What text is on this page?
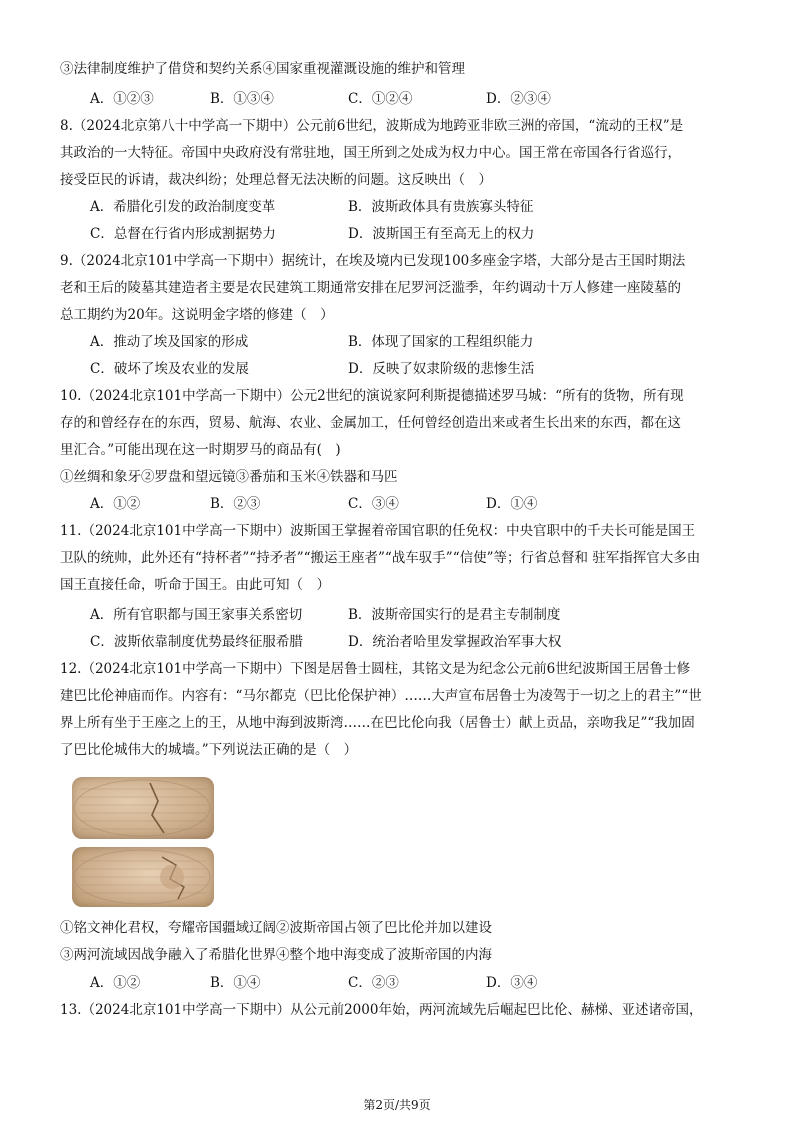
③法律制度维护了借贷和契约关系④国家重视灌溉设施的维护和管理
A．①②③	B．①③④	C．①②④	D．②③④
8.（2024北京第八十中学高一下期中）公元前6世纪，波斯成为地跨亚非欧三洲的帝国，“流动的王权”是
其政治的一大特征。帝国中央政府没有常驻地，国王所到之处成为权力中心。国王常在帝国各行省巡行，
接受臣民的诉请，裁决纠纷；处理总督无法决断的问题。这反映出（　）
A．希腊化引发的政治制度变革	B．波斯政体具有贵族寡头特征
C．总督在行省内形成割据势力	D．波斯国王有至高无上的权力
9.（2024北京101中学高一下期中）据统计，在埃及境内已发现100多座金字塔，大部分是古王国时期法
老和王后的陵墓其建造者主要是农民建筑工期通常安排在尼罗河泛滥季，年约调动十万人修建一座陵墓的
总工期约为20年。这说明金字塔的修建（　）
A．推动了埃及国家的形成	B．体现了国家的工程组织能力
C．破坏了埃及农业的发展	D．反映了奴隶阶级的悲惨生活
10.（2024北京101中学高一下期中）公元2世纪的演说家阿利斯提德描述罗马城：“所有的货物，所有现
存的和曾经存在的东西，贸易、航海、农业、金属加工，任何曾经创造出来或者生长出来的东西，都在这
里汇合。”可能出现在这一时期罗马的商品有(　)
①丝绸和象牙②罗盘和望远镜③番茄和玉米④铁器和马匹
A．①②	B．②③	C．③④	D．①④
11.（2024北京101中学高一下期中）波斯国王掌握着帝国官职的任免权：中央官职中的千夫长可能是国王
卫队的统帅，此外还有“持杯者”“持矛者”“搬运王座者”“战车驭手”“信使”等；行省总督和 驻军指挥官大多由
国王直接任命，听命于国王。由此可知（　）
A．所有官职都与国王家事关系密切	B．波斯帝国实行的是君主专制制度
C．波斯依靠制度优势最终征服希腊	D．统治者哈里发掌握政治军事大权
12.（2024北京101中学高一下期中）下图是居鲁士圆柱，其铭文是为纪念公元前6世纪波斯国王居鲁士修
建巴比伦神庙而作。内容有：“马尔都克（巴比伦保护神）……大声宣布居鲁士为凌驾于一切之上的君主”“世
界上所有坐于王座之上的王，从地中海到波斯湾……在巴比伦向我（居鲁士）献上贡品，亲吻我足”“我加固
了巴比伦城伟大的城墙。”下列说法正确的是（　）
①铭文神化君权，夸耀帝国疆域辽阔②波斯帝国占领了巴比伦并加以建设
③两河流域因战争融入了希腊化世界④整个地中海变成了波斯帝国的内海
A．①②	B．①④	C．②③	D．③④
13.（2024北京101中学高一下期中）从公元前2000年始，两河流域先后崛起巴比伦、赫梯、亚述诸帝国，
第2页/共9页
